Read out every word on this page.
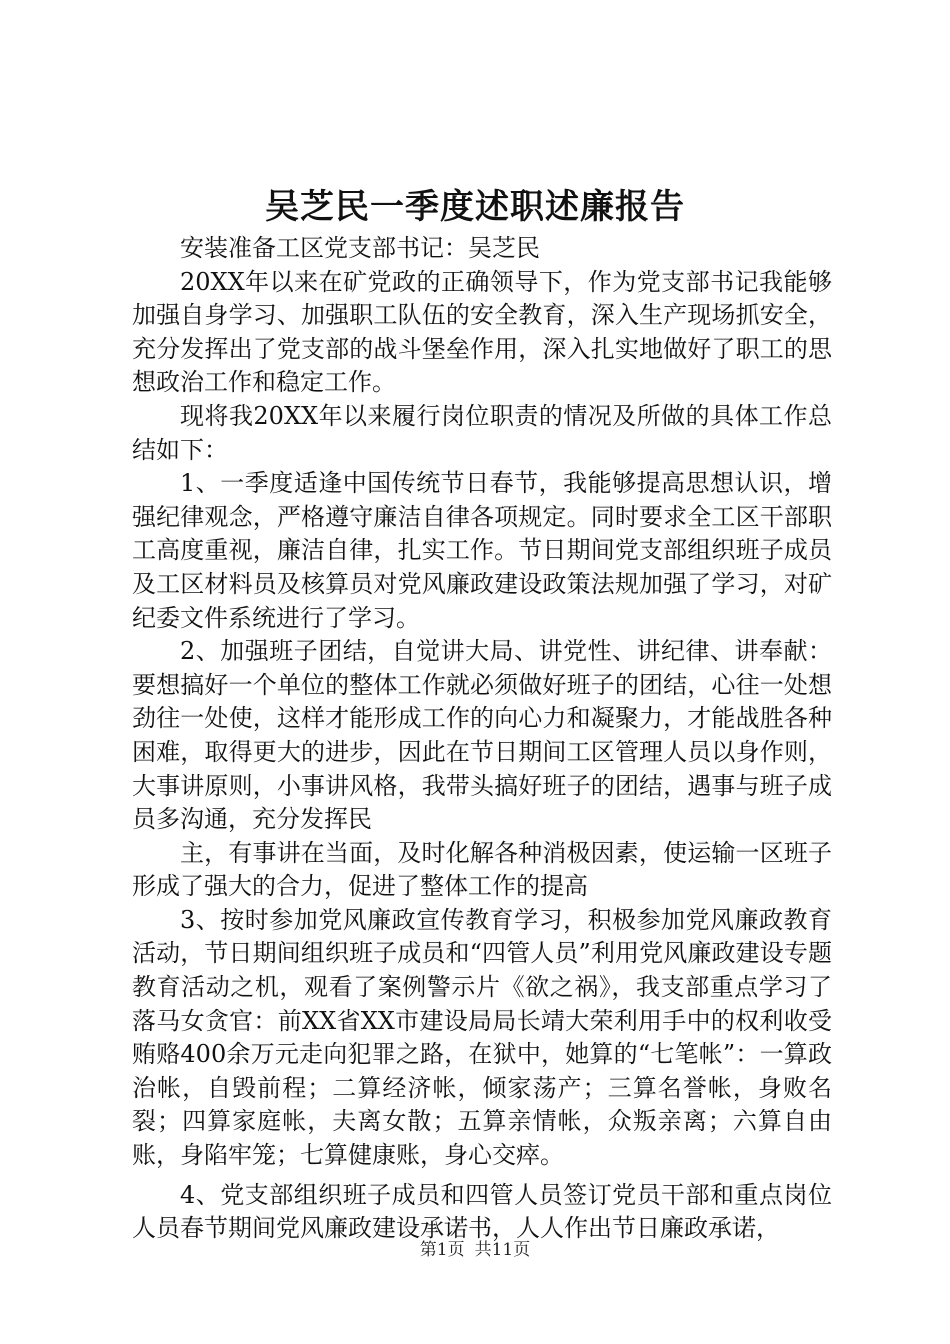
吴芝民一季度述职述廉报告

安装准备工区党支部书记：吴芝民

20XX年以来在矿党政的正确领导下，作为党支部书记我能够加强自身学习、加强职工队伍的安全教育，深入生产现场抓安全，充分发挥出了党支部的战斗堡垒作用，深入扎实地做好了职工的思想政治工作和稳定工作。

现将我20XX年以来履行岗位职责的情况及所做的具体工作总结如下：

1、一季度适逢中国传统节日春节，我能够提高思想认识，增强纪律观念，严格遵守廉洁自律各项规定。同时要求全工区干部职工高度重视，廉洁自律，扎实工作。节日期间党支部组织班子成员及工区材料员及核算员对党风廉政建设政策法规加强了学习，对矿纪委文件系统进行了学习。

2、加强班子团结，自觉讲大局、讲党性、讲纪律、讲奉献：要想搞好一个单位的整体工作就必须做好班子的团结，心往一处想劲往一处使，这样才能形成工作的向心力和凝聚力，才能战胜各种困难，取得更大的进步，因此在节日期间工区管理人员以身作则，大事讲原则，小事讲风格，我带头搞好班子的团结，遇事与班子成员多沟通，充分发挥民

主，有事讲在当面，及时化解各种消极因素，使运输一区班子形成了强大的合力，促进了整体工作的提高

3、按时参加党风廉政宣传教育学习，积极参加党风廉政教育活动，节日期间组织班子成员和“四管人员”利用党风廉政建设专题教育活动之机，观看了案例警示片《欲之祸》，我支部重点学习了落马女贪官：前XX省XX市建设局局长靖大荣利用手中的权利收受贿赂400余万元走向犯罪之路，在狱中，她算的“七笔帐”：一算政治帐，自毁前程；二算经济帐，倾家荡产；三算名誉帐，身败名裂；四算家庭帐，夫离女散；五算亲情帐，众叛亲离；六算自由账，身陷牢笼；七算健康账，身心交瘁。

4、党支部组织班子成员和四管人员签订党员干部和重点岗位人员春节期间党风廉政建设承诺书，人人作出节日廉政承诺，

第1页 共11页
